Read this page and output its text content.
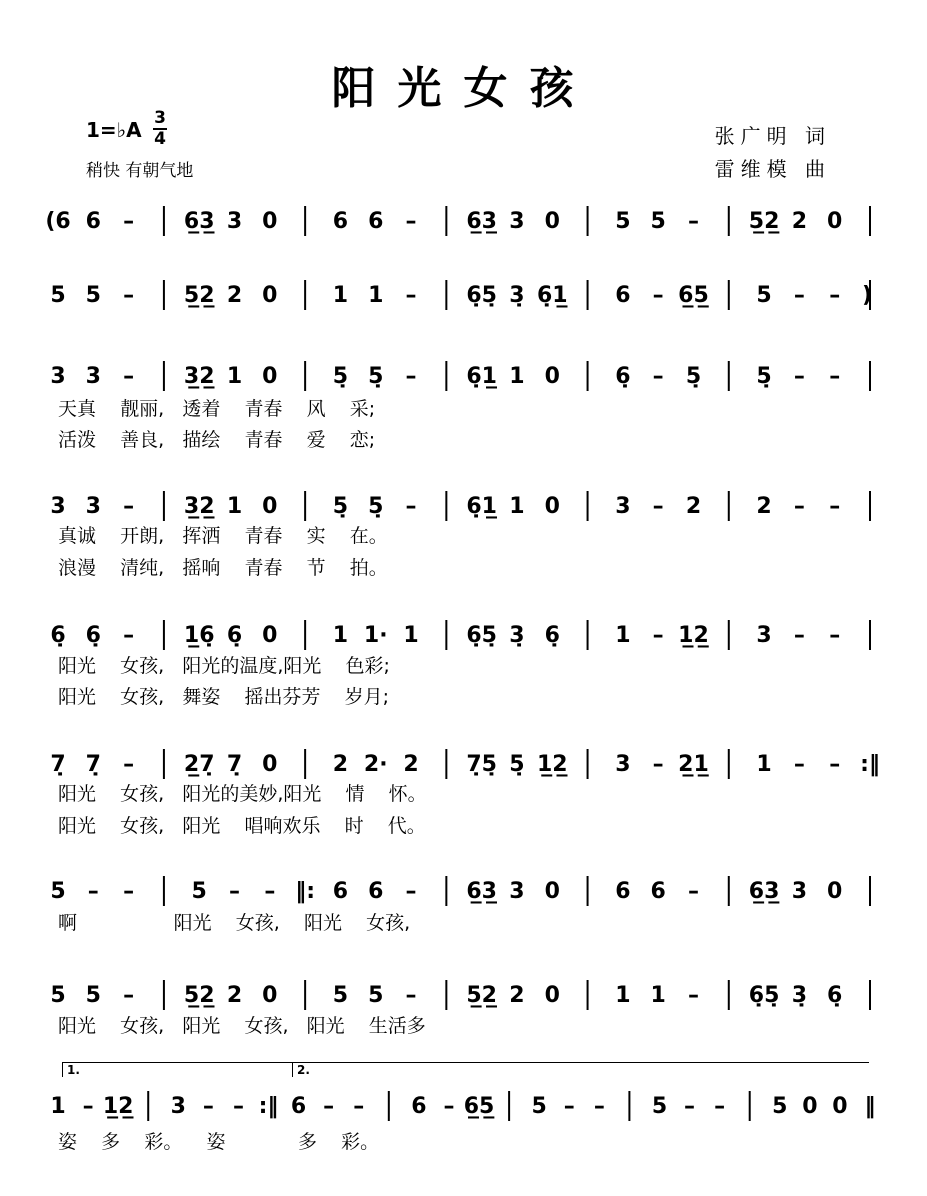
阳光女孩
1=♭A 3
4
稍快 有朝气地
张广明 词
雷维模 曲
(6 6 – 6̲3̲ 3 0	6 6 – 6̲3̲ 3 0	5 5 – 5̲2̲ 2 0
5 5 – 5̲2̲ 2 0	1 1 – 6̣5̣ 3̣ 6̣1̲ 6 – 6̲5̲ 5 – – )
3 3 – 3̲2̲ 1 0	5̣ 5̣ – 6̣1̲ 1 0	6̣ – 5̣	5̣ – –
3 3 – 3̲2̲ 1 0	5̣ 5̣ – 6̣1̲ 1 0	3 – 2	2 – –
6̣ 6̣ – 1̲6̣ 6̣ 0	1 1· 1 6̣5̣ 3̣ 6̣	1 – 1̲2̲ 3 – –
7̣ 7̣ – 2̲7̣ 7̣ 0	2 2· 2 7̣5̣ 5̣ 1̲2̲ 3 – 2̲1̲ 1 – – :‖
5 – –	5 – – ‖: 6 6 – 6̲3̲ 3 0	6 6 – 6̲3̲ 3 0
5 5 – 5̲2̲ 2 0	5 5 – 5̲2̲ 2 0	1 1 – 6̣5̣ 3̣ 6̣
1 – 1̲2̲ 3 – – :‖ 6 – – 6 – 6̲5̲ 5 – – 5 – – 5 0 0 ‖
天真    靓丽,   透着    青春    风    采;
活泼    善良,   描绘    青春    爱    恋;
真诚    开朗,   挥洒    青春    实    在。
浪漫    清纯,   摇响    青春    节    拍。
阳光    女孩,   阳光的温度,阳光    色彩;
阳光    女孩,   舞姿    摇出芬芳    岁月;
阳光    女孩,   阳光的美妙,阳光    情    怀。
阳光    女孩,   阳光    唱响欢乐    时    代。
啊                阳光    女孩,    阳光    女孩,
阳光    女孩,   阳光    女孩,   阳光    生活多
姿    多    彩。    姿            多    彩。
1.	2.
